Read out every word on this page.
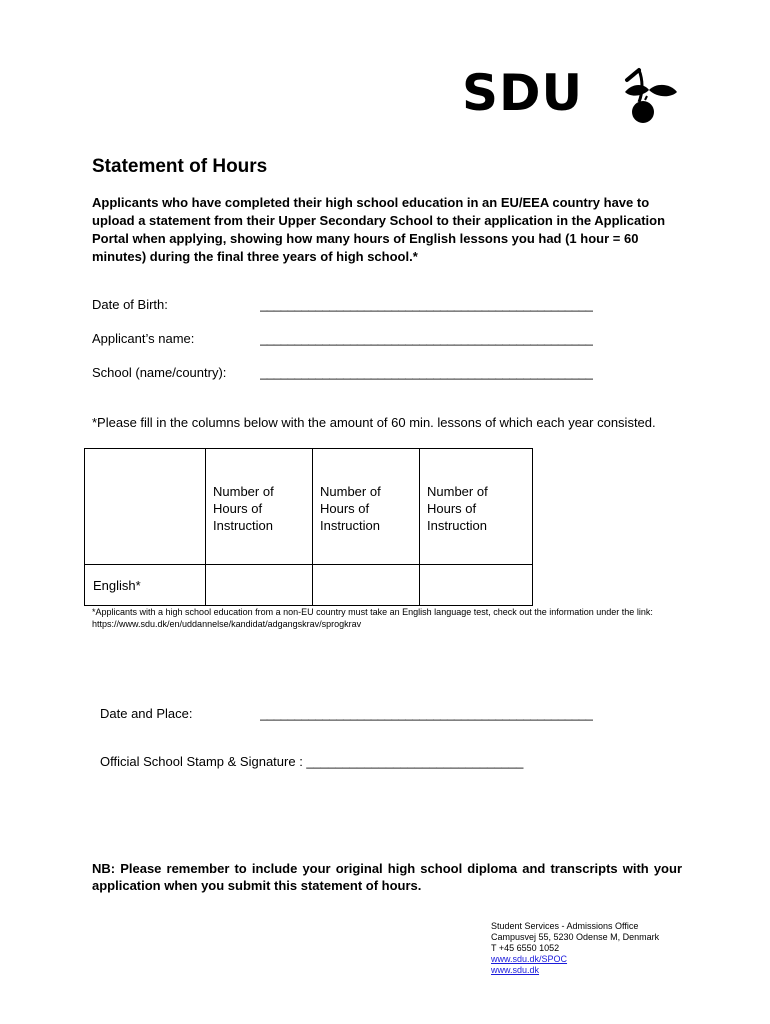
SDU
Statement of Hours

Applicants who have completed their high school education in an EU/EEA country have to upload a statement from their Upper Secondary School to their application in the Application Portal when applying, showing how many hours of English lessons you had (1 hour = 60 minutes) during the final three years of high school.*

Date of Birth:	________________________________________________
Applicant’s name:	________________________________________________
School (name/country):	________________________________________________

*Please fill in the columns below with the amount of 60 min. lessons of which each year consisted.

	Number of Hours of Instruction	Number of Hours of Instruction	Number of Hours of Instruction

English*			

*Applicants with a high school education from a non-EU country must take an English language test, check out the information under the link: https://www.sdu.dk/en/uddannelse/kandidat/adgangskrav/sprogkrav

Date and Place:	________________________________________________
Official School Stamp & Signature : ______________________________

NB: Please remember to include your original high school diploma and transcripts with your application when you submit this statement of hours.

Student Services - Admissions Office
Campusvej 55, 5230 Odense M, Denmark
T +45 6550 1052
www.sdu.dk/SPOC
www.sdu.dk
